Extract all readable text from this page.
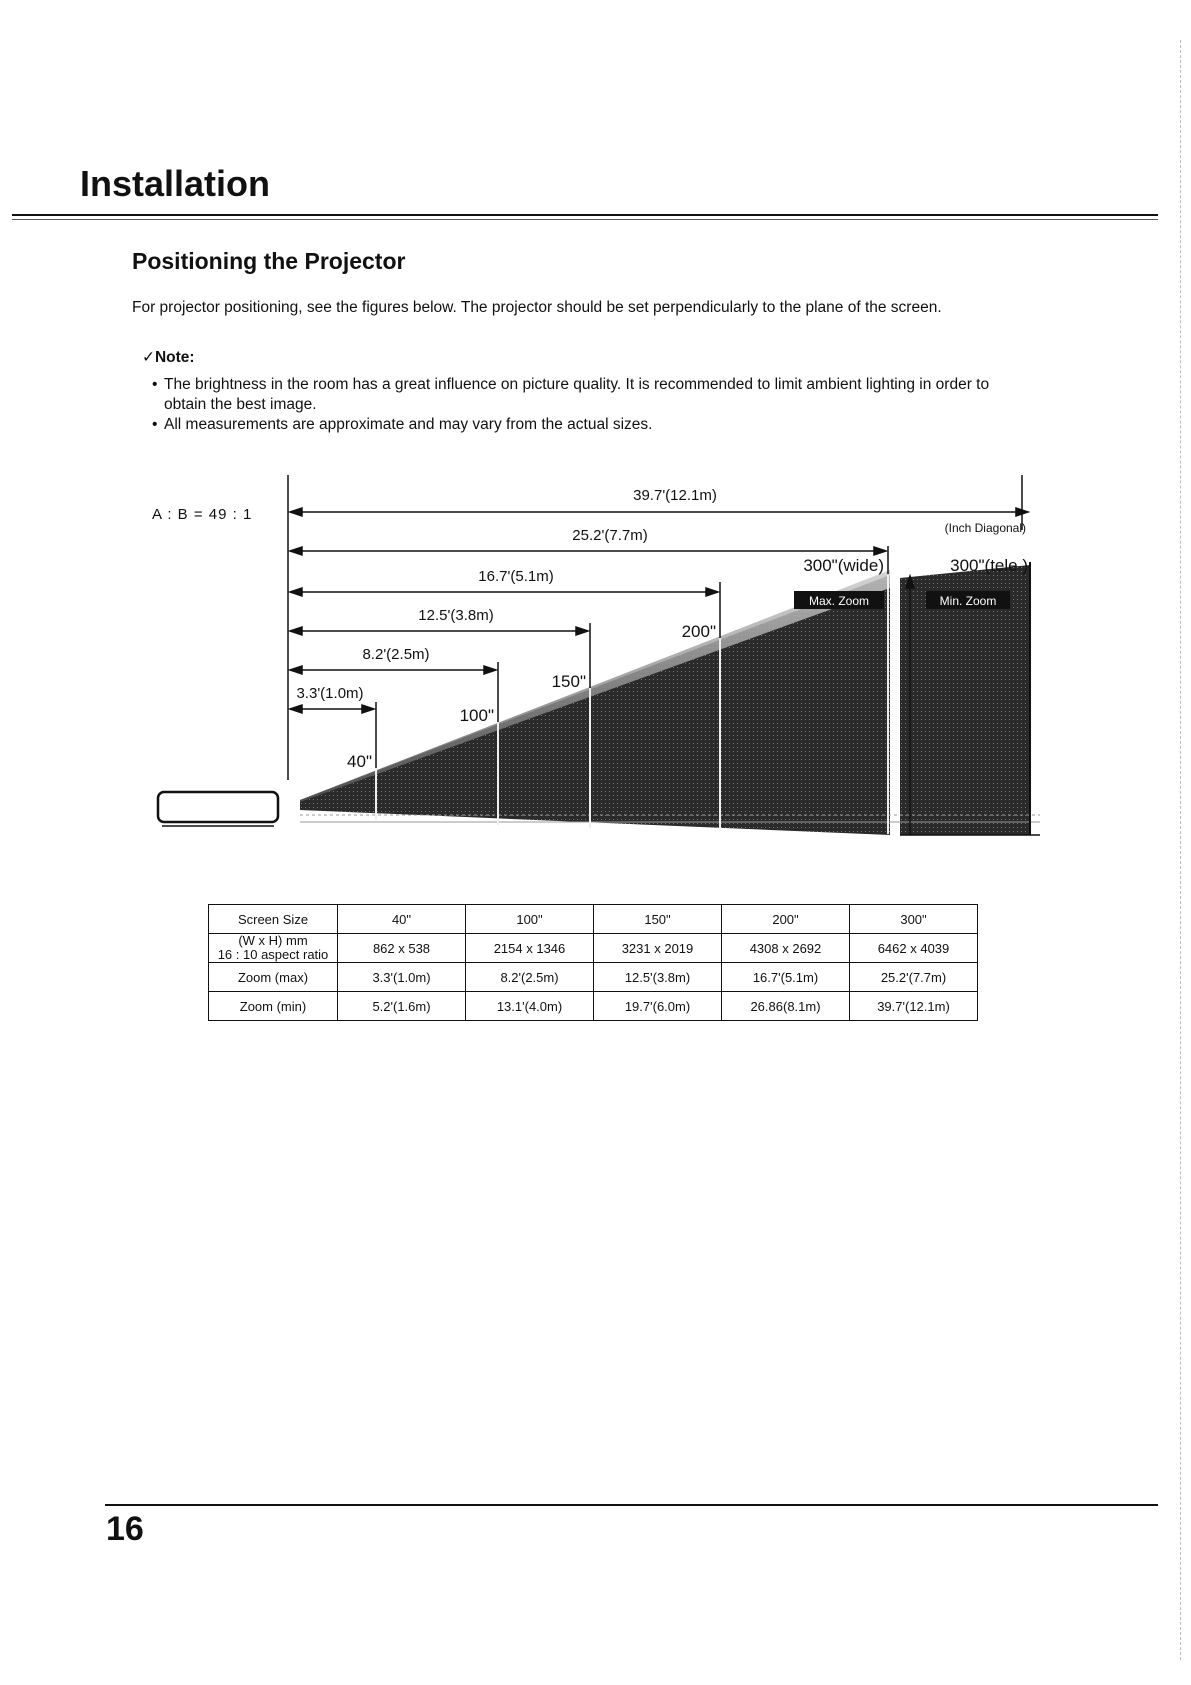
Installation
Positioning the Projector

For projector positioning, see the figures below. The projector should be set perpendicularly to the plane of the screen.

✓Note:
• The brightness in the room has a great influence on picture quality. It is recommended to limit ambient lighting in order to obtain the best image.
• All measurements are approximate and may vary from the actual sizes.
A : B = 49 : 1
39.7'(12.1m)
25.2'(7.7m)
16.7'(5.1m)
12.5'(3.8m)
8.2'(2.5m)
3.3'(1.0m)
40"
100"
150"
200"
300"(wide)	300"(tele )
(Inch Diagonal)
Max. Zoom	Min. Zoom
Screen Size	40"	100"	150"	200"	300"

(W x H) mm
16 : 10 aspect ratio	862 x 538	2154 x 1346	3231 x 2019	4308 x 2692	6462 x 4039
Zoom (max)	3.3'(1.0m)	8.2'(2.5m)	12.5'(3.8m)	16.7'(5.1m)	25.2'(7.7m)
Zoom (min)	5.2'(1.6m)	13.1'(4.0m)	19.7'(6.0m)	26.86(8.1m)	39.7'(12.1m)
16
